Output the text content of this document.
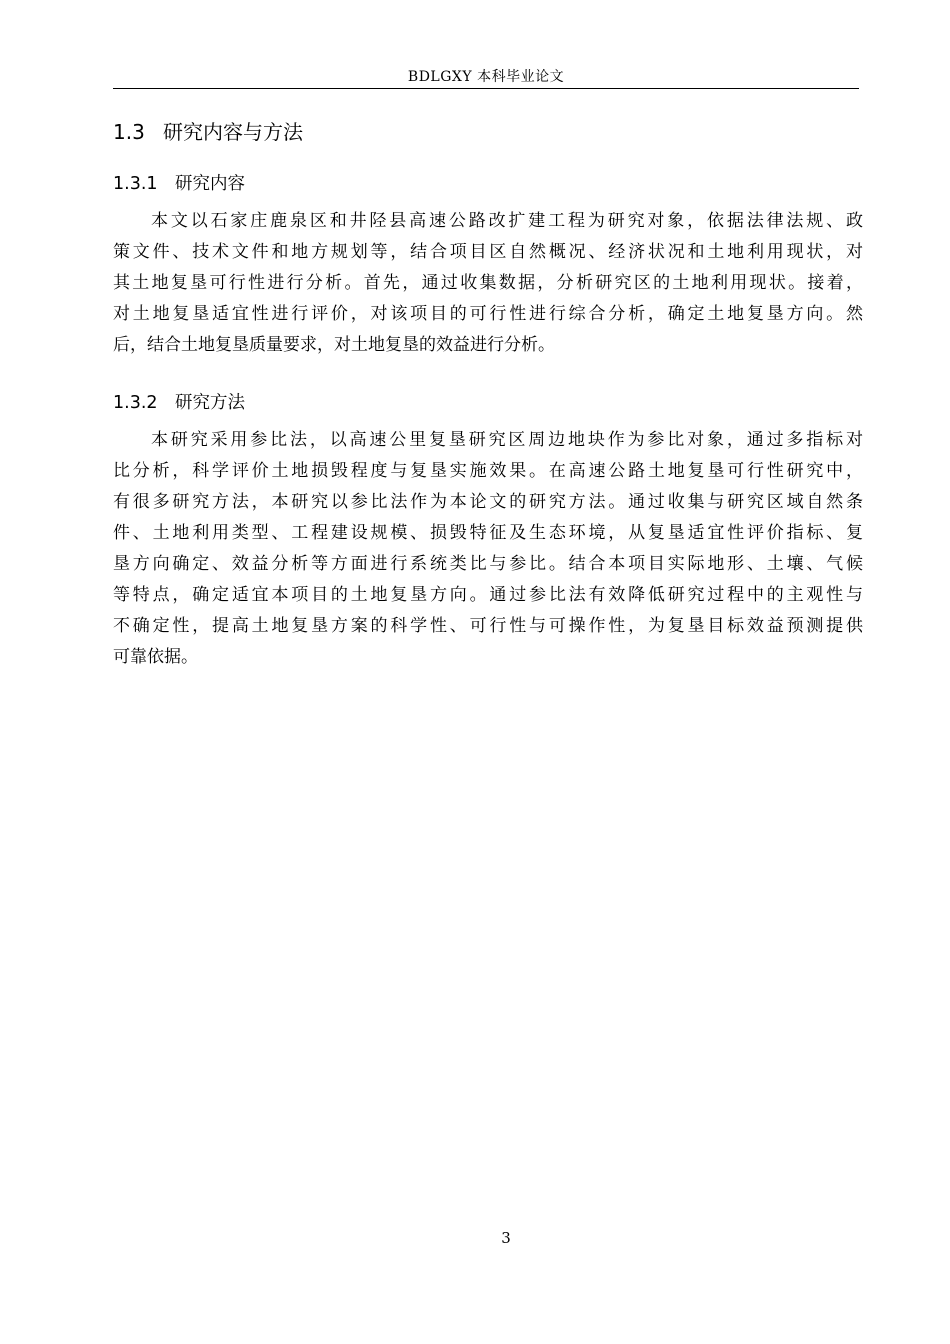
BDLGXY 本科毕业论文
1.3 研究内容与方法
1.3.1 研究内容
本文以石家庄鹿泉区和井陉县高速公路改扩建工程为研究对象，依据法律法规、政
策文件、技术文件和地方规划等，结合项目区自然概况、经济状况和土地利用现状，对
其土地复垦可行性进行分析。首先，通过收集数据，分析研究区的土地利用现状。接着，
对土地复垦适宜性进行评价，对该项目的可行性进行综合分析，确定土地复垦方向。然
后，结合土地复垦质量要求，对土地复垦的效益进行分析。
1.3.2 研究方法
本研究采用参比法，以高速公里复垦研究区周边地块作为参比对象，通过多指标对
比分析，科学评价土地损毁程度与复垦实施效果。在高速公路土地复垦可行性研究中，
有很多研究方法，本研究以参比法作为本论文的研究方法。通过收集与研究区域自然条
件、土地利用类型、工程建设规模、损毁特征及生态环境，从复垦适宜性评价指标、复
垦方向确定、效益分析等方面进行系统类比与参比。结合本项目实际地形、土壤、气候
等特点，确定适宜本项目的土地复垦方向。通过参比法有效降低研究过程中的主观性与
不确定性，提高土地复垦方案的科学性、可行性与可操作性，为复垦目标效益预测提供
可靠依据。
3
